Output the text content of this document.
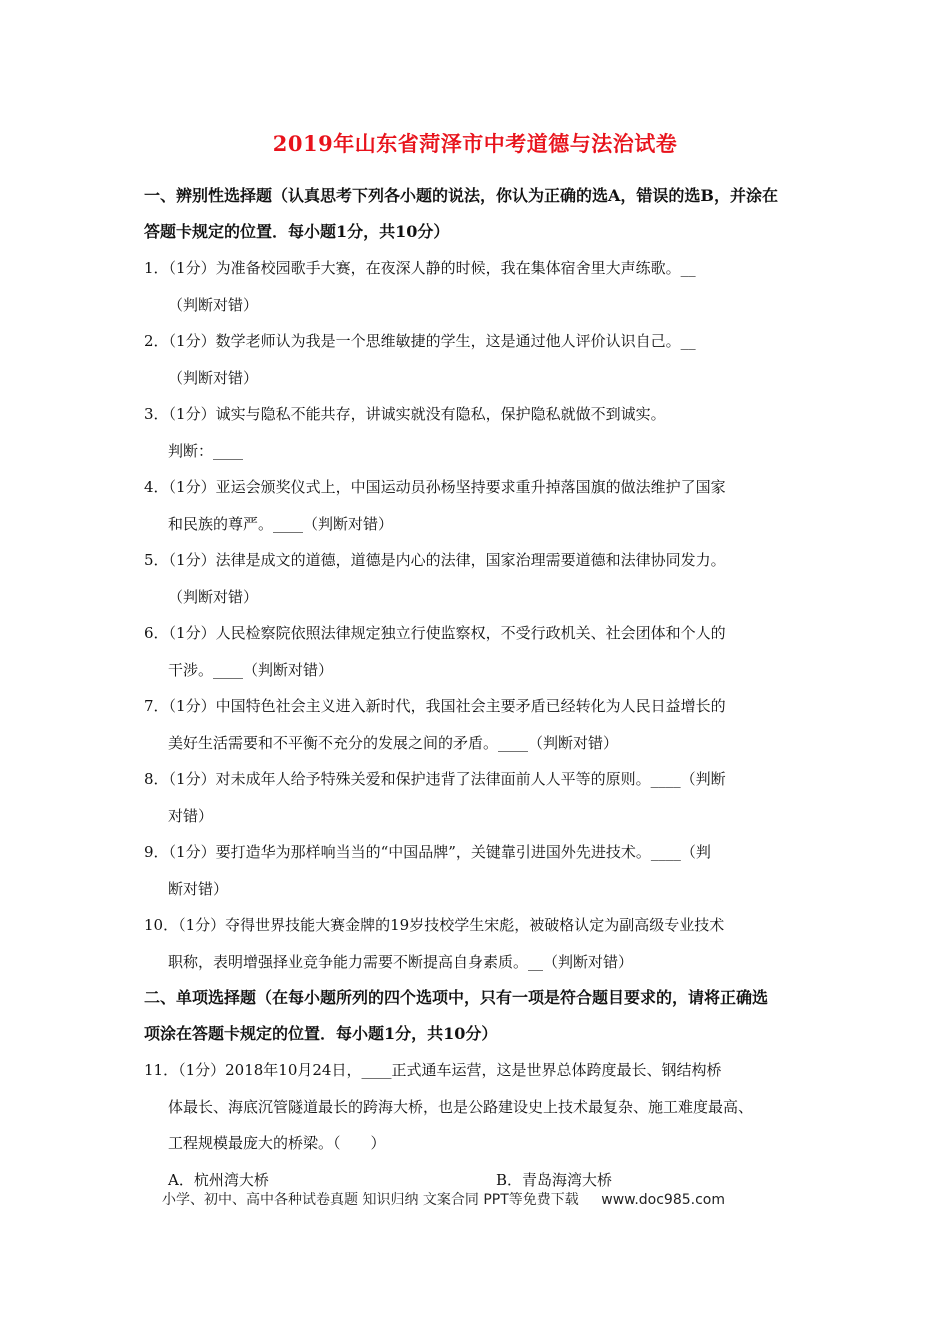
2019年山东省菏泽市中考道德与法治试卷
一、辨别性选择题（认真思考下列各小题的说法，你认为正确的选A，错误的选B，并涂在
答题卡规定的位置．每小题1分，共10分）
1．（1分）为准备校园歌手大赛，在夜深人静的时候，我在集体宿舍里大声练歌。__
（判断对错）
2．（1分）数学老师认为我是一个思维敏捷的学生，这是通过他人评价认识自己。__
（判断对错）
3．（1分）诚实与隐私不能共存，讲诚实就没有隐私，保护隐私就做不到诚实。
判断：____
4．（1分）亚运会颁奖仪式上，中国运动员孙杨坚持要求重升掉落国旗的做法维护了国家
和民族的尊严。____（判断对错）
5．（1分）法律是成文的道德，道德是内心的法律，国家治理需要道德和法律协同发力。
（判断对错）
6．（1分）人民检察院依照法律规定独立行使监察权，不受行政机关、社会团体和个人的
干涉。____（判断对错）
7．（1分）中国特色社会主义进入新时代，我国社会主要矛盾已经转化为人民日益增长的
美好生活需要和不平衡不充分的发展之间的矛盾。____（判断对错）
8．（1分）对未成年人给予特殊关爱和保护违背了法律面前人人平等的原则。____（判断
对错）
9．（1分）要打造华为那样响当当的“中国品牌”，关键靠引进国外先进技术。____（判
断对错）
10．（1分）夺得世界技能大赛金牌的19岁技校学生宋彪，被破格认定为副高级专业技术
职称，表明增强择业竞争能力需要不断提高自身素质。__（判断对错）
二、单项选择题（在每小题所列的四个选项中，只有一项是符合题目要求的，请将正确选
项涂在答题卡规定的位置．每小题1分，共10分）
11．（1分）2018年10月24日，____正式通车运营，这是世界总体跨度最长、钢结构桥
体最长、海底沉管隧道最长的跨海大桥，也是公路建设史上技术最复杂、施工难度最高、
工程规模最庞大的桥梁。（　　）
A．杭州湾大桥	B．青岛海湾大桥
小学、初中、高中各种试卷真题 知识归纳 文案合同 PPT等免费下载 www.doc985.com
